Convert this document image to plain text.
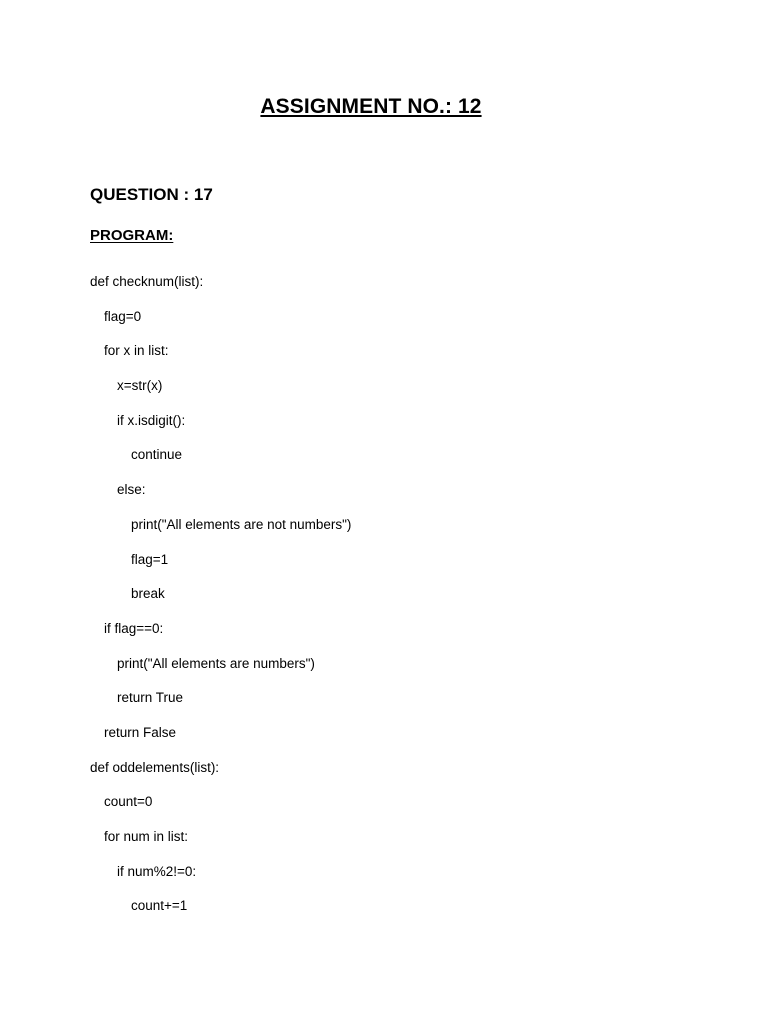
ASSIGNMENT NO.: 12
QUESTION : 17
PROGRAM:
def checknum(list):
flag=0
for x in list:
x=str(x)
if x.isdigit():
continue
else:
print("All elements are not numbers")
flag=1
break
if flag==0:
print("All elements are numbers")
return True
return False
def oddelements(list):
count=0
for num in list:
if num%2!=0:
count+=1
